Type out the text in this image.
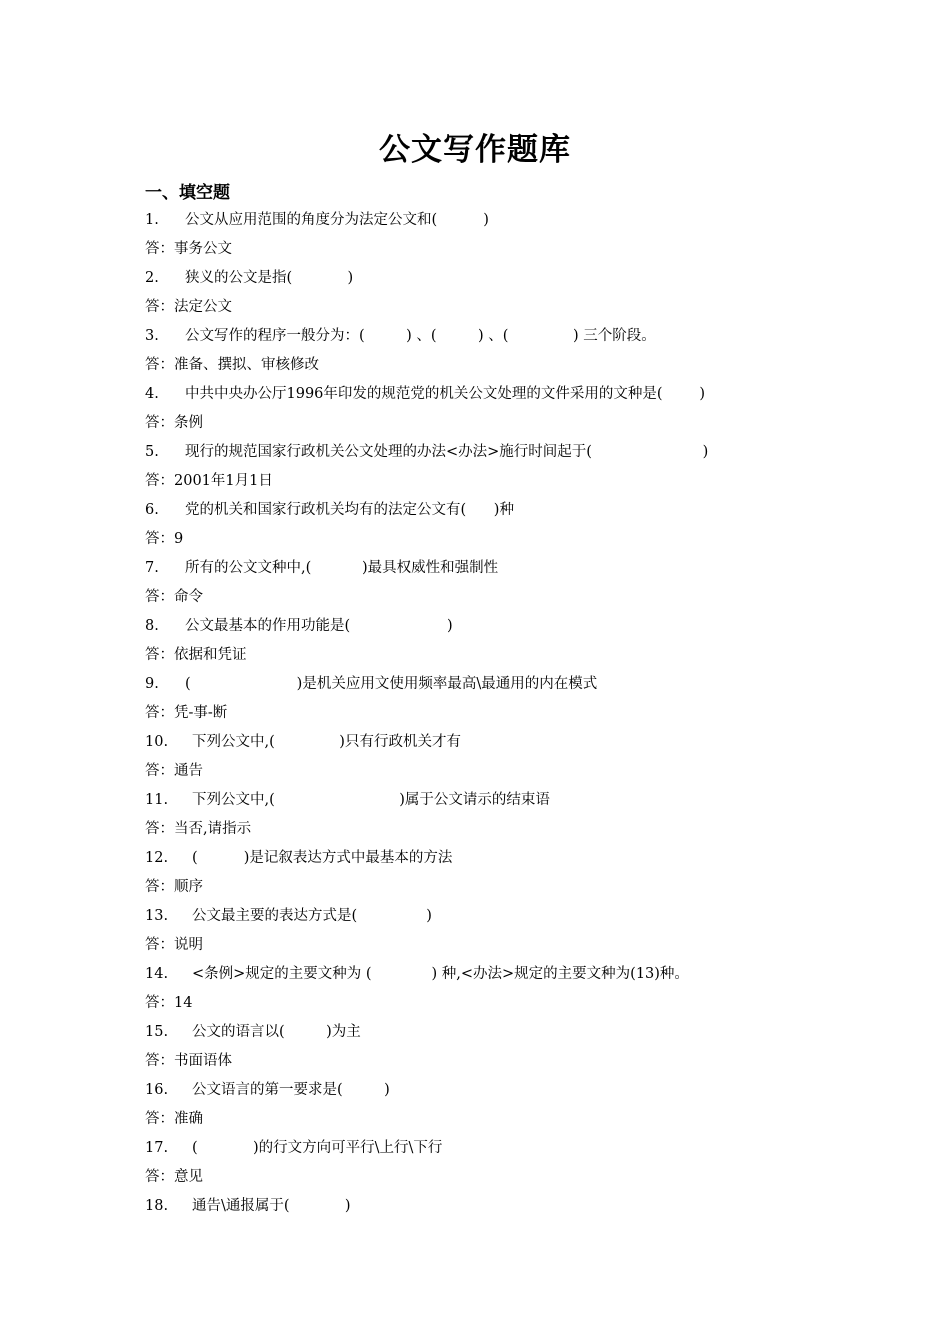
公文写作题库
一、填空题
1. 公文从应用范围的角度分为法定公文和(          )
答：事务公文
2. 狭义的公文是指(            )
答：法定公文
3. 公文写作的程序一般分为：(         ) 、(         ) 、(              ) 三个阶段。
答：准备、撰拟、审核修改
4. 中共中央办公厅1996年印发的规范党的机关公文处理的文件采用的文种是(        )
答：条例
5. 现行的规范国家行政机关公文处理的办法<办法>施行时间起于(                        )
答：2001年1月1日
6. 党的机关和国家行政机关均有的法定公文有(      )种
答：9
7. 所有的公文文种中,(           )最具权威性和强制性
答：命令
8. 公文最基本的作用功能是(                     )
答：依据和凭证
9. (                       )是机关应用文使用频率最高\最通用的内在模式
答：凭-事-断
10. 下列公文中,(              )只有行政机关才有
答：通告
11. 下列公文中,(                           )属于公文请示的结束语
答：当否,请指示
12. (          )是记叙表达方式中最基本的方法
答：顺序
13. 公文最主要的表达方式是(               )
答：说明
14. <条例>规定的主要文种为 (             ) 种,<办法>规定的主要文种为(13)种。
答：14
15. 公文的语言以(         )为主
答：书面语体
16. 公文语言的第一要求是(         )
答：准确
17. (            )的行文方向可平行\上行\下行
答：意见
18. 通告\通报属于(            )
